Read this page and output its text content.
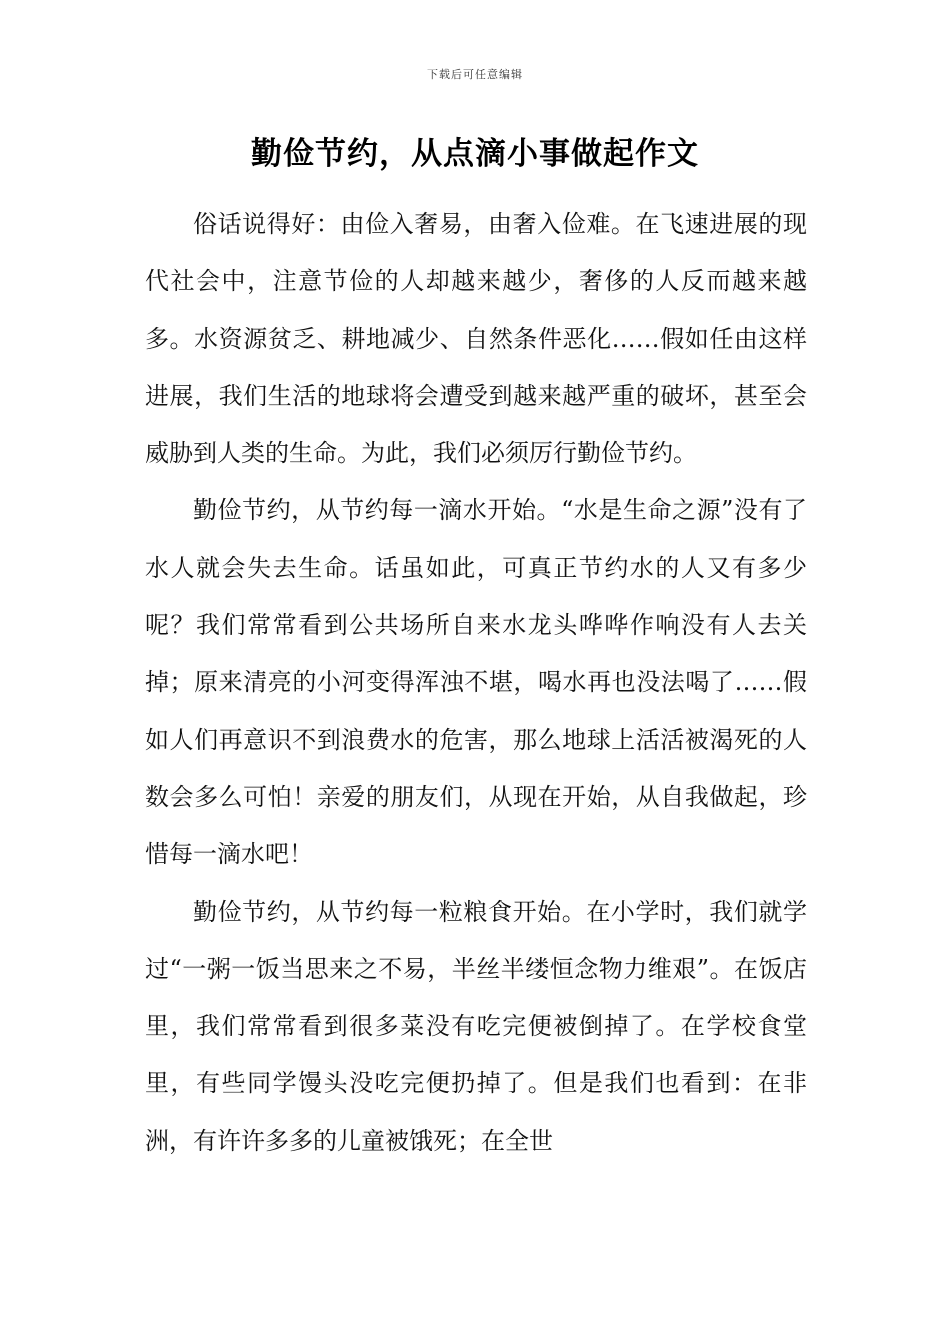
下载后可任意编辑
勤俭节约，从点滴小事做起作文

俗话说得好：由俭入奢易，由奢入俭难。在飞速进展的现代社会中，注意节俭的人却越来越少，奢侈的人反而越来越多。水资源贫乏、耕地减少、自然条件恶化……假如任由这样进展，我们生活的地球将会遭受到越来越严重的破坏，甚至会威胁到人类的生命。为此，我们必须厉行勤俭节约。

勤俭节约，从节约每一滴水开始。“水是生命之源”没有了水人就会失去生命。话虽如此，可真正节约水的人又有多少呢？我们常常看到公共场所自来水龙头哗哗作响没有人去关掉；原来清亮的小河变得浑浊不堪，喝水再也没法喝了……假如人们再意识不到浪费水的危害，那么地球上活活被渴死的人数会多么可怕！亲爱的朋友们，从现在开始，从自我做起，珍惜每一滴水吧！

勤俭节约，从节约每一粒粮食开始。在小学时，我们就学过“一粥一饭当思来之不易，半丝半缕恒念物力维艰”。在饭店里，我们常常看到很多菜没有吃完便被倒掉了。在学校食堂里，有些同学馒头没吃完便扔掉了。但是我们也看到：在非洲，有许许多多的儿童被饿死；在全世
